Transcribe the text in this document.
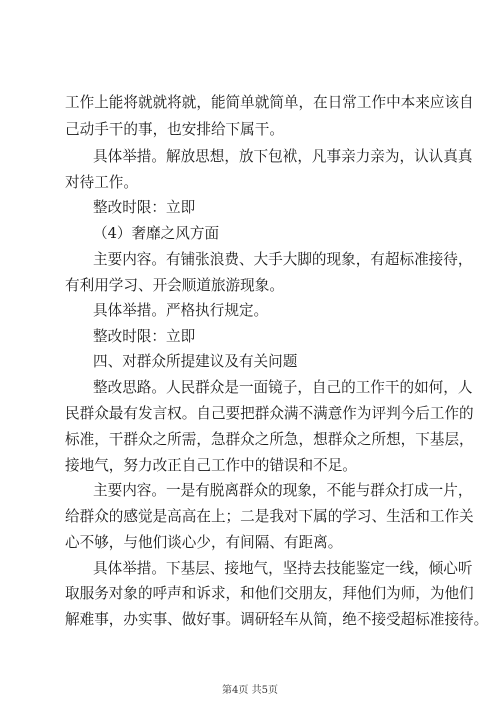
工作上能将就就将就，能简单就简单，在日常工作中本来应该自
己动手干的事，也安排给下属干。
具体举措。解放思想，放下包袱，凡事亲力亲为，认认真真
对待工作。
整改时限：立即
（4）奢靡之风方面
主要内容。有铺张浪费、大手大脚的现象，有超标准接待，
有利用学习、开会顺道旅游现象。
具体举措。严格执行规定。
整改时限：立即
四、对群众所提建议及有关问题
整改思路。人民群众是一面镜子，自己的工作干的如何，人
民群众最有发言权。自己要把群众满不满意作为评判今后工作的
标准，干群众之所需，急群众之所急，想群众之所想，下基层，
接地气，努力改正自己工作中的错误和不足。
主要内容。一是有脱离群众的现象，不能与群众打成一片，
给群众的感觉是高高在上；二是我对下属的学习、生活和工作关
心不够，与他们谈心少，有间隔、有距离。
具体举措。下基层、接地气，坚持去技能鉴定一线，倾心听
取服务对象的呼声和诉求，和他们交朋友，拜他们为师，为他们
解难事，办实事、做好事。调研轻车从简，绝不接受超标准接待。
第4页 共5页
